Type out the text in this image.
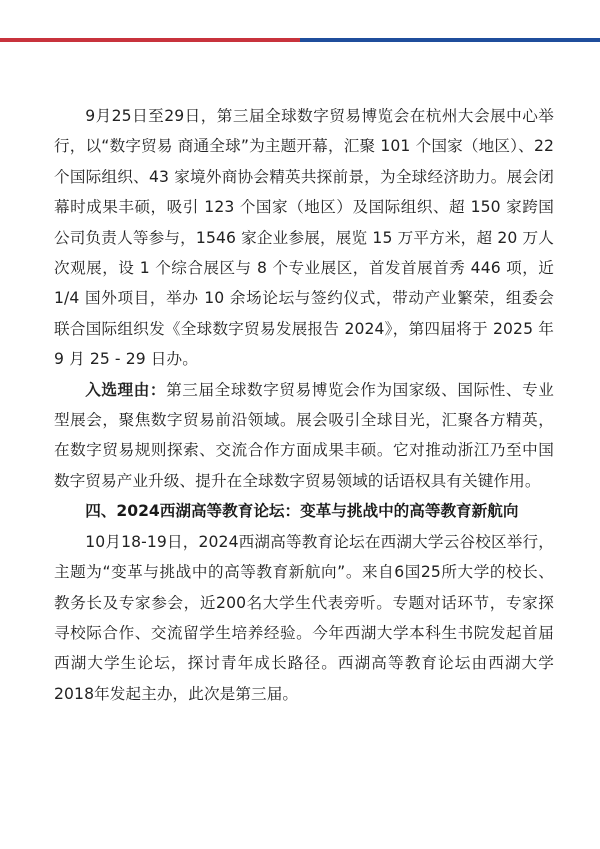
9月25日至29日，第三届全球数字贸易博览会在杭州大会展中心举行，以“数字贸易 商通全球”为主题开幕，汇聚 101 个国家（地区）、22 个国际组织、43 家境外商协会精英共探前景，为全球经济助力。展会闭幕时成果丰硕，吸引 123 个国家（地区）及国际组织、超 150 家跨国公司负责人等参与，1546 家企业参展，展览 15 万平方米，超 20 万人次观展，设 1 个综合展区与 8 个专业展区，首发首展首秀 446 项，近 1/4 国外项目，举办 10 余场论坛与签约仪式，带动产业繁荣，组委会联合国际组织发《全球数字贸易发展报告 2024》，第四届将于 2025 年 9 月 25 - 29 日办。

入选理由：第三届全球数字贸易博览会作为国家级、国际性、专业型展会，聚焦数字贸易前沿领域。展会吸引全球目光，汇聚各方精英，在数字贸易规则探索、交流合作方面成果丰硕。它对推动浙江乃至中国数字贸易产业升级、提升在全球数字贸易领域的话语权具有关键作用。

四、2024西湖高等教育论坛：变革与挑战中的高等教育新航向

10月18-19日，2024西湖高等教育论坛在西湖大学云谷校区举行，主题为“变革与挑战中的高等教育新航向”。来自6国25所大学的校长、教务长及专家参会，近200名大学生代表旁听。专题对话环节，专家探寻校际合作、交流留学生培养经验。今年西湖大学本科生书院发起首届西湖大学生论坛，探讨青年成长路径。西湖高等教育论坛由西湖大学2018年发起主办，此次是第三届。
